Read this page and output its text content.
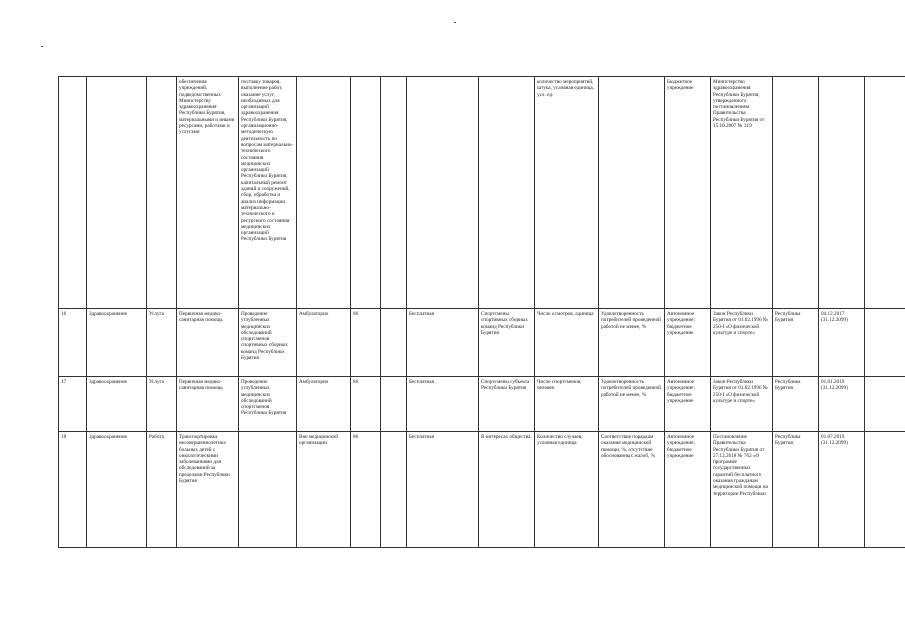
			обеспечения учреждений, подведомственных Министерству здравоохранения Республики Бурятия, материальными и иными ресурсами, работами и услугами	поставку товаров, выполнение работ, оказание услуг, необходимых для организаций здравоохранения Республики Бурятия, организационно-методическую деятельность по вопросам материально-технического состояния медицинских организаций Республики Бурятия, капитальный ремонт зданий и сооружений, сбор, обработка и анализ информации материально-технического и ресурсного состояния медицинских организаций Республики Бурятия						количество мероприятий, штука, условная единица, усл. ед.		Бюджетное учреждение	Министерство здравоохранения Республики Бурятия, утвержденного постановлением Правительства Республики Бурятия от 15.10.2007 № 319			
16	Здравоохранение	Услуга	Первичная медико-санитарная помощь	Проведение углубленных медицинских обследований спортсменов спортивных сборных команд Республики Бурятия	Амбулаторно	86		Бесплатная	Спортсмены спортивных сборных команд Республики Бурятия	Число осмотров, единица	Удовлетворенность потребителей проведенной работой не менее, %	Автономное учреждение; бюджетное учреждение	Закон Республики Бурятия от 01.02.1996 № 250-I «О физической культуре и спорте»	Республика Бурятия	04.12.2017 (31.12.2099)	
17	Здравоохранение	Услуга	Первичная медико-санитарная помощь	Проведение углубленных медицинских обследований спортсменов Республики Бурятия	Амбулаторно	86		Бесплатная	Спортсмены субъекта Республики Бурятия	Число спортсменов, человек	Удовлетворенность потребителей проведенной работой не менее, %	Автономное учреждение; бюджетное учреждение	Закон Республики Бурятия от 01.02.1996 № 250-I «О физической культуре и спорте»	Республика Бурятия	01.01.2019 (31.12.2099)	
18	Здравоохранение	Работа	Транспортировка несовершеннолетних больных детей с онкологическими заболеваниями для обследований за пределами Республики Бурятия		Вне медицинской организации	86		Бесплатная	В интересах общества	Количество случаев, условная единица	Соответствие порядкам оказания медицинской помощи, %, отсутствие обоснованных жалоб, %	Автономное учреждение; бюджетное учреждение	Постановление Правительства Республики Бурятия от 27.12.2018 № 762 «О программе государственных гарантий бесплатного оказания гражданам медицинской помощи на территории Республики	Республика Бурятия	01.07.2019 (31.12.2099)	
